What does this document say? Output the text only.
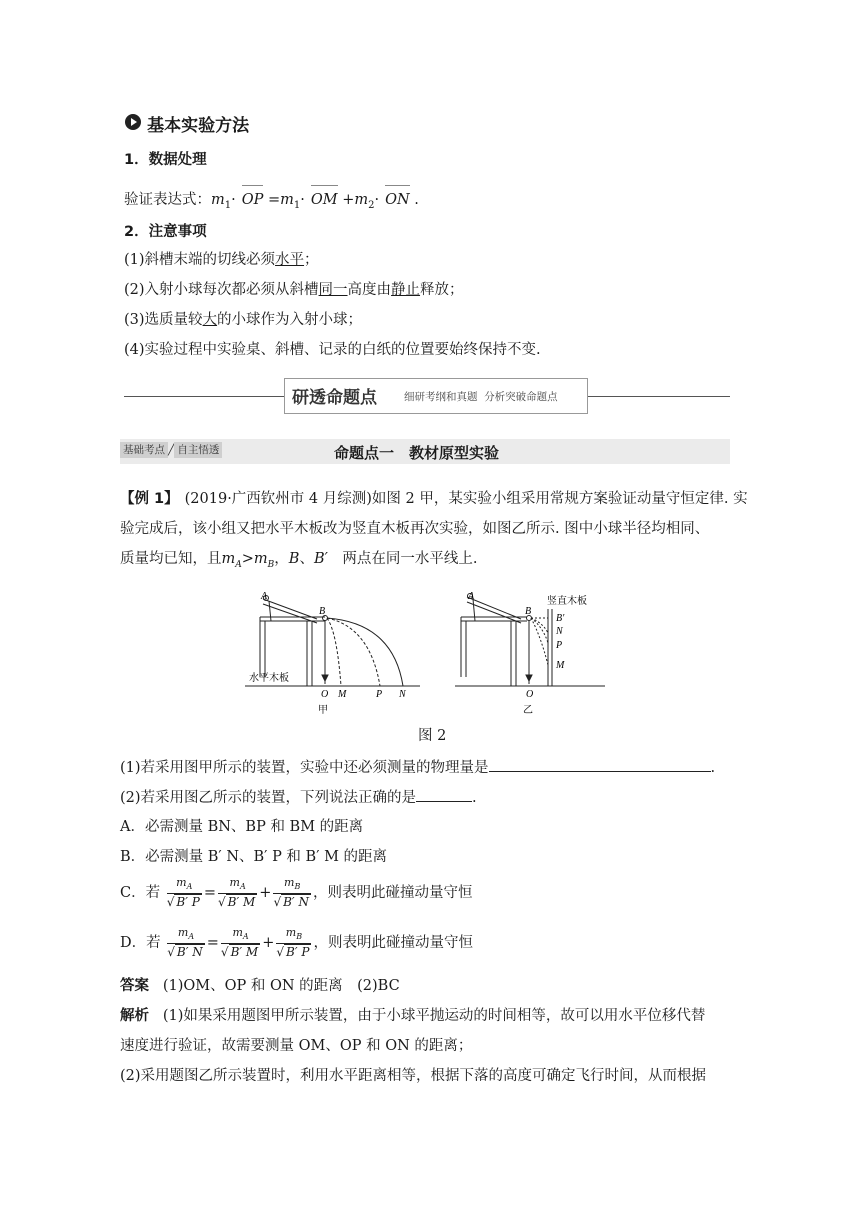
基本实验方法
1．数据处理
验证表达式：$m_1\cdot$ OP $=m_1\cdot$ OM $+m_2\cdot$ ON .
2．注意事项
(1)斜槽末端的切线必须水平；
(2)入射小球每次都必须从斜槽同一高度由静止释放；
(3)选质量较大的小球作为入射小球；
(4)实验过程中实验桌、斜槽、记录的白纸的位置要始终保持不变.
研透命题点	细研考纲和真题 分析突破命题点
基础考点 ╱ 自主悟透	命题点一　教材原型实验
【例 1】 (2019·广西钦州市 4 月综测)如图 2 甲，某实验小组采用常规方案验证动量守恒定律. 实
验完成后，该小组又把水平木板改为竖直木板再次实验，如图乙所示. 图中小球半径均相同、
质量均已知，且$m_A>m_B$，B、B′　两点在同一水平线上.
A
B
水平木板
O M	P N
甲
A
B
竖直木板
B′
N
P
M
O
乙
图 2
(1)若采用图甲所示的装置，实验中还必须测量的物理量是	.
(2)若采用图乙所示的装置，下列说法正确的是	.
A．必需测量 BN、BP 和 BM 的距离
B．必需测量 B′ N、B′ P 和 B′ M 的距离
C．若 $\frac{m_A}{√ B' P} = \frac{m_A}{√ B' M} + \frac{m_B}{√ B' N}$ ，则表明此碰撞动量守恒
D．若 $\frac{m_A}{√ B' N} = \frac{m_A}{√ B' M} + \frac{m_B}{√ B' P}$ ，则表明此碰撞动量守恒
答案 (1)OM、OP 和 ON 的距离　(2)BC
解析 (1)如果采用题图甲所示装置，由于小球平抛运动的时间相等，故可以用水平位移代替
速度进行验证，故需要测量 OM、OP 和 ON 的距离；
(2)采用题图乙所示装置时，利用水平距离相等，根据下落的高度可确定飞行时间，从而根据
